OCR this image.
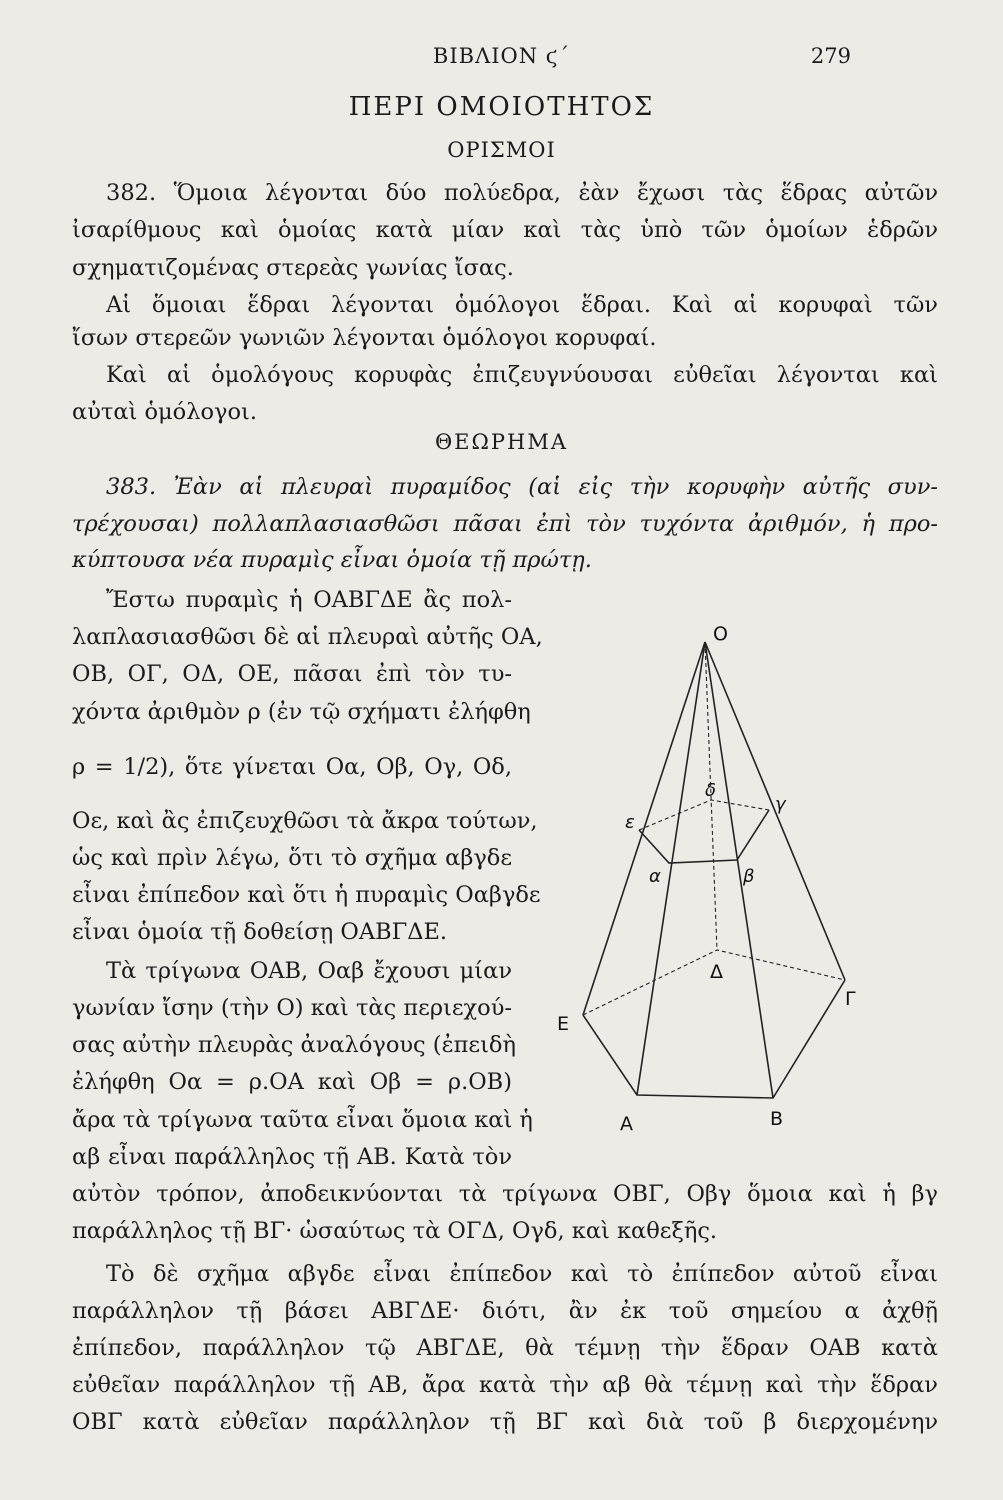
ΒΙΒΛΙΟΝ ϛ΄	279
ΠΕΡΙ ΟΜΟΙΟΤΗΤΟΣ
ΟΡΙΣΜΟΙ
382. Ὅμοια λέγονται δύο πολύεδρα, ἐὰν ἔχωσι τὰς ἕδρας αὐτῶν
ἰσαρίθμους καὶ ὁμοίας κατὰ μίαν καὶ τὰς ὑπὸ τῶν ὁμοίων ἑδρῶν
σχηματιζομένας στερεὰς γωνίας ἴσας.
Αἱ ὅμοιαι ἕδραι λέγονται ὁμόλογοι ἕδραι. Καὶ αἱ κορυφαὶ τῶν
ἴσων στερεῶν γωνιῶν λέγονται ὁμόλογοι κορυφαί.
Καὶ αἱ ὁμολόγους κορυφὰς ἐπιζευγνύουσαι εὐθεῖαι λέγονται καὶ
αὐταὶ ὁμόλογοι.
ΘΕΩΡΗΜΑ
383. Ἐὰν αἱ πλευραὶ πυραμίδος (αἱ εἰς τὴν κορυφὴν αὐτῆς συν-
τρέχουσαι) πολλαπλασιασθῶσι πᾶσαι ἐπὶ τὸν τυχόντα ἀριθμόν, ἡ προ-
κύπτουσα νέα πυραμὶς εἶναι ὁμοία τῇ πρώτῃ.
Ἔστω πυραμὶς ἡ ΟΑΒΓΔΕ ἂς πολ-
λαπλασιασθῶσι δὲ αἱ πλευραὶ αὐτῆς ΟΑ,
ΟΒ, ΟΓ, ΟΔ, ΟΕ, πᾶσαι ἐπὶ τὸν τυ-
χόντα ἀριθμὸν ρ (ἐν τῷ σχήματι ἐλήφθη
ρ = 1/2), ὅτε γίνεται Οα, Οβ, Ογ, Οδ,
Οε, καὶ ἂς ἐπιζευχθῶσι τὰ ἄκρα τούτων,
ὡς καὶ πρὶν λέγω, ὅτι τὸ σχῆμα αβγδε
εἶναι ἐπίπεδον καὶ ὅτι ἡ πυραμὶς Οαβγδε
εἶναι ὁμοία τῇ δοθείσῃ ΟΑΒΓΔΕ.
Τὰ τρίγωνα ΟΑΒ, Οαβ ἔχουσι μίαν
γωνίαν ἴσην (τὴν Ο) καὶ τὰς περιεχού-
σας αὐτὴν πλευρὰς ἀναλόγους (ἐπειδὴ
ἐλήφθη Οα = ρ.ΟΑ καὶ Οβ = ρ.ΟΒ)
ἄρα τὰ τρίγωνα ταῦτα εἶναι ὅμοια καὶ ἡ
αβ εἶναι παράλληλος τῇ ΑΒ. Κατὰ τὸν
αὐτὸν τρόπον, ἀποδεικνύονται τὰ τρίγωνα ΟΒΓ, Οβγ ὅμοια καὶ ἡ βγ
παράλληλος τῇ ΒΓ· ὡσαύτως τὰ ΟΓΔ, Ογδ, καὶ καθεξῆς.
Τὸ δὲ σχῆμα αβγδε εἶναι ἐπίπεδον καὶ τὸ ἐπίπεδον αὐτοῦ εἶναι
παράλληλον τῇ βάσει ΑΒΓΔΕ· διότι, ἂν ἐκ τοῦ σημείου α ἀχθῇ
ἐπίπεδον, παράλληλον τῷ ΑΒΓΔΕ, θὰ τέμνῃ τὴν ἕδραν ΟΑΒ κατὰ
εὐθεῖαν παράλληλον τῇ ΑΒ, ἄρα κατὰ τὴν αβ θὰ τέμνῃ καὶ τὴν ἕδραν
ΟΒΓ κατὰ εὐθεῖαν παράλληλον τῇ ΒΓ καὶ διὰ τοῦ β διερχομένην
Ο
Α	Β
Γ
Δ
Ε
α	β
γ
δ
ε
